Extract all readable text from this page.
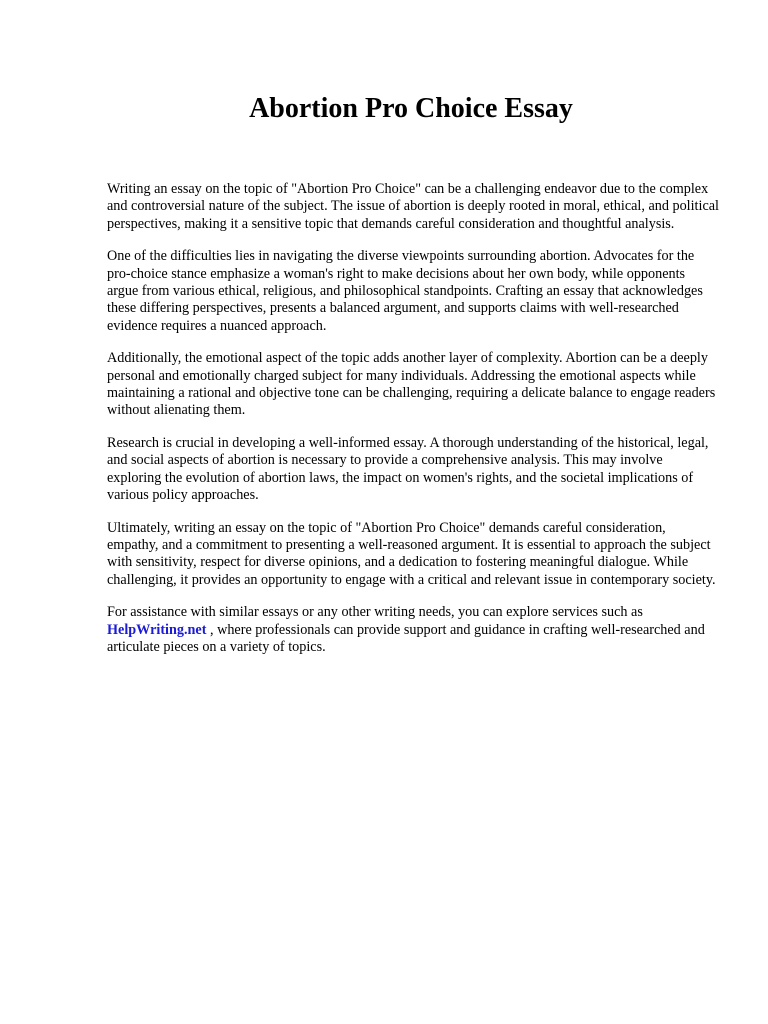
Abortion Pro Choice Essay

Writing an essay on the topic of "Abortion Pro Choice" can be a challenging endeavor due to the complex and controversial nature of the subject. The issue of abortion is deeply rooted in moral, ethical, and political perspectives, making it a sensitive topic that demands careful consideration and thoughtful analysis.

One of the difficulties lies in navigating the diverse viewpoints surrounding abortion. Advocates for the pro-choice stance emphasize a woman's right to make decisions about her own body, while opponents argue from various ethical, religious, and philosophical standpoints. Crafting an essay that acknowledges these differing perspectives, presents a balanced argument, and supports claims with well-researched evidence requires a nuanced approach.

Additionally, the emotional aspect of the topic adds another layer of complexity. Abortion can be a deeply personal and emotionally charged subject for many individuals. Addressing the emotional aspects while maintaining a rational and objective tone can be challenging, requiring a delicate balance to engage readers without alienating them.

Research is crucial in developing a well-informed essay. A thorough understanding of the historical, legal, and social aspects of abortion is necessary to provide a comprehensive analysis. This may involve exploring the evolution of abortion laws, the impact on women's rights, and the societal implications of various policy approaches.

Ultimately, writing an essay on the topic of "Abortion Pro Choice" demands careful consideration, empathy, and a commitment to presenting a well-reasoned argument. It is essential to approach the subject with sensitivity, respect for diverse opinions, and a dedication to fostering meaningful dialogue. While challenging, it provides an opportunity to engage with a critical and relevant issue in contemporary society.

For assistance with similar essays or any other writing needs, you can explore services such as HelpWriting.net , where professionals can provide support and guidance in crafting well-researched and articulate pieces on a variety of topics.
